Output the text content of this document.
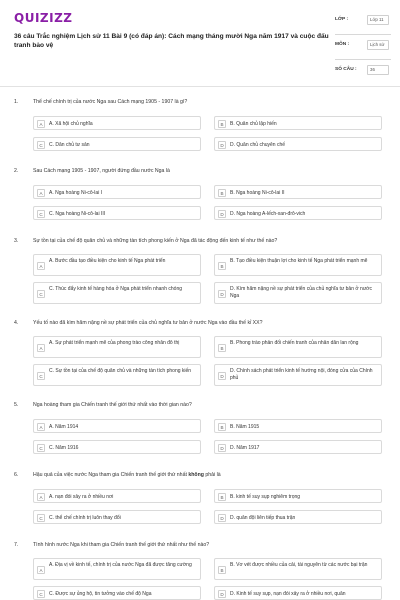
QUIZIZZ
36 câu Trắc nghiệm Lịch sử 11 Bài 9 (có đáp án): Cách mạng tháng mười Nga năm 1917 và cuộc đấu tranh bảo vệ
LỚP :	Lớp 11
MÔN :	Lịch sử
SỐ CÂU :	36
1.	Thể chế chính trị của nước Nga sau Cách mạng 1905 - 1907 là gì?
A	A. Xã hội chủ nghĩa	B	B. Quân chủ lập hiến
C	C. Dân chủ tư sản	D	D. Quân chủ chuyên chế
2.	Sau Cách mạng 1905 - 1907, người đứng đầu nước Nga là
A	A. Nga hoàng Ni-cô-lai I	B	B. Nga hoàng Ni-cô-lai II
C	C. Nga hoàng Ni-cô-lai III	D	D. Nga hoàng A-lếch-xan-đrô-vich
3.	Sự tồn tại của chế độ quân chủ và những tàn tích phong kiến ở Nga đã tác động đến kinh tế như thế nào?
A
A. Bước đầu tạo điều kiện cho kinh tế Nga phát triển
B
B. Tạo điều kiện thuận lợi cho kinh tế Nga phát triển mạnh mẽ
C
C. Thúc đẩy kinh tế hàng hóa ở Nga phát triển nhanh chóng
D
D. Kìm hãm nặng nề sự phát triển của chủ nghĩa tư bản ở nước Nga
4.	Yếu tố nào đã kìm hãm nặng nề sự phát triển của chủ nghĩa tư bản ở nước Nga vào đầu thế kỉ XX?
A
A. Sự phát triển mạnh mẽ của phong trào công nhân đô thị
B
B. Phong trào phản đối chiến tranh của nhân dân lan rộng
C
C. Sự tồn tại của chế độ quân chủ và những tàn tích phong kiến
D
D. Chính sách phát triển kinh tế hướng nội, đóng cửa của Chính phủ
5.	Nga hoàng tham gia Chiến tranh thế giới thứ nhất vào thời gian nào?
A	A. Năm 1914	B	B. Năm 1915
C	C. Năm 1916	D	D. Năm 1917
6.	Hậu quả của việc nước Nga tham gia Chiến tranh thế giới thứ nhất không phải là
A	A. nạn đói xảy ra ở nhiều nơi	B	B. kinh tế suy sụp nghiêm trọng
C	C. thể chế chính trị luôn thay đổi	D	D. quân đội liên tiếp thua trận
7.	Tình hình nước Nga khi tham gia Chiến tranh thế giới thứ nhất như thế nào?
A
A. Địa vị về kinh tế, chính trị của nước Nga đã được tăng cường
B
B. Vơ vét được nhiều của cải, tài nguyên từ các nước bại trận
C	C. Được sự ủng hộ, tin tưởng vào chế độ Nga	D	D. Kinh tế suy sụp, nạn đói xảy ra ở nhiều nơi, quân
